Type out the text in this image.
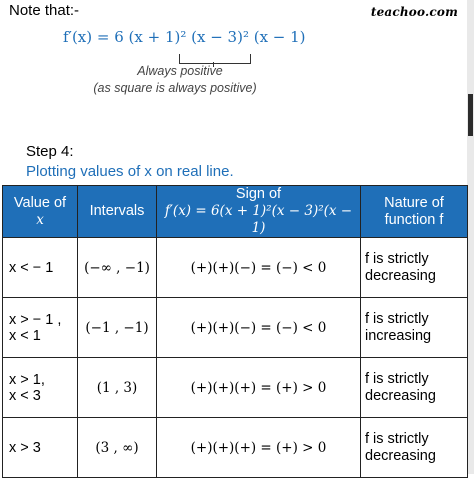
Note that:-	teachoo.com
f′(x) = 6 (x + 1)² (x − 3)² (x − 1)
Always positive
(as square is always positive)
Step 4:
Plotting values of x on real line.
Value of
x	Intervals	Sign of
f′(x) = 6(x + 1)²(x − 3)²(x − 1)	Nature of
function f

x < − 1	(−∞ , −1)	(+)(+)(−) = (−) < 0	f is strictly
decreasing

x > − 1 ,
x < 1	(−1 , −1)	(+)(+)(−) = (−) < 0	f is strictly
increasing

x > 1,
x < 3	(1 , 3)	(+)(+)(+) = (+) > 0	f is strictly
decreasing

x > 3	(3 , ∞)	(+)(+)(+) = (+) > 0	f is strictly
decreasing
